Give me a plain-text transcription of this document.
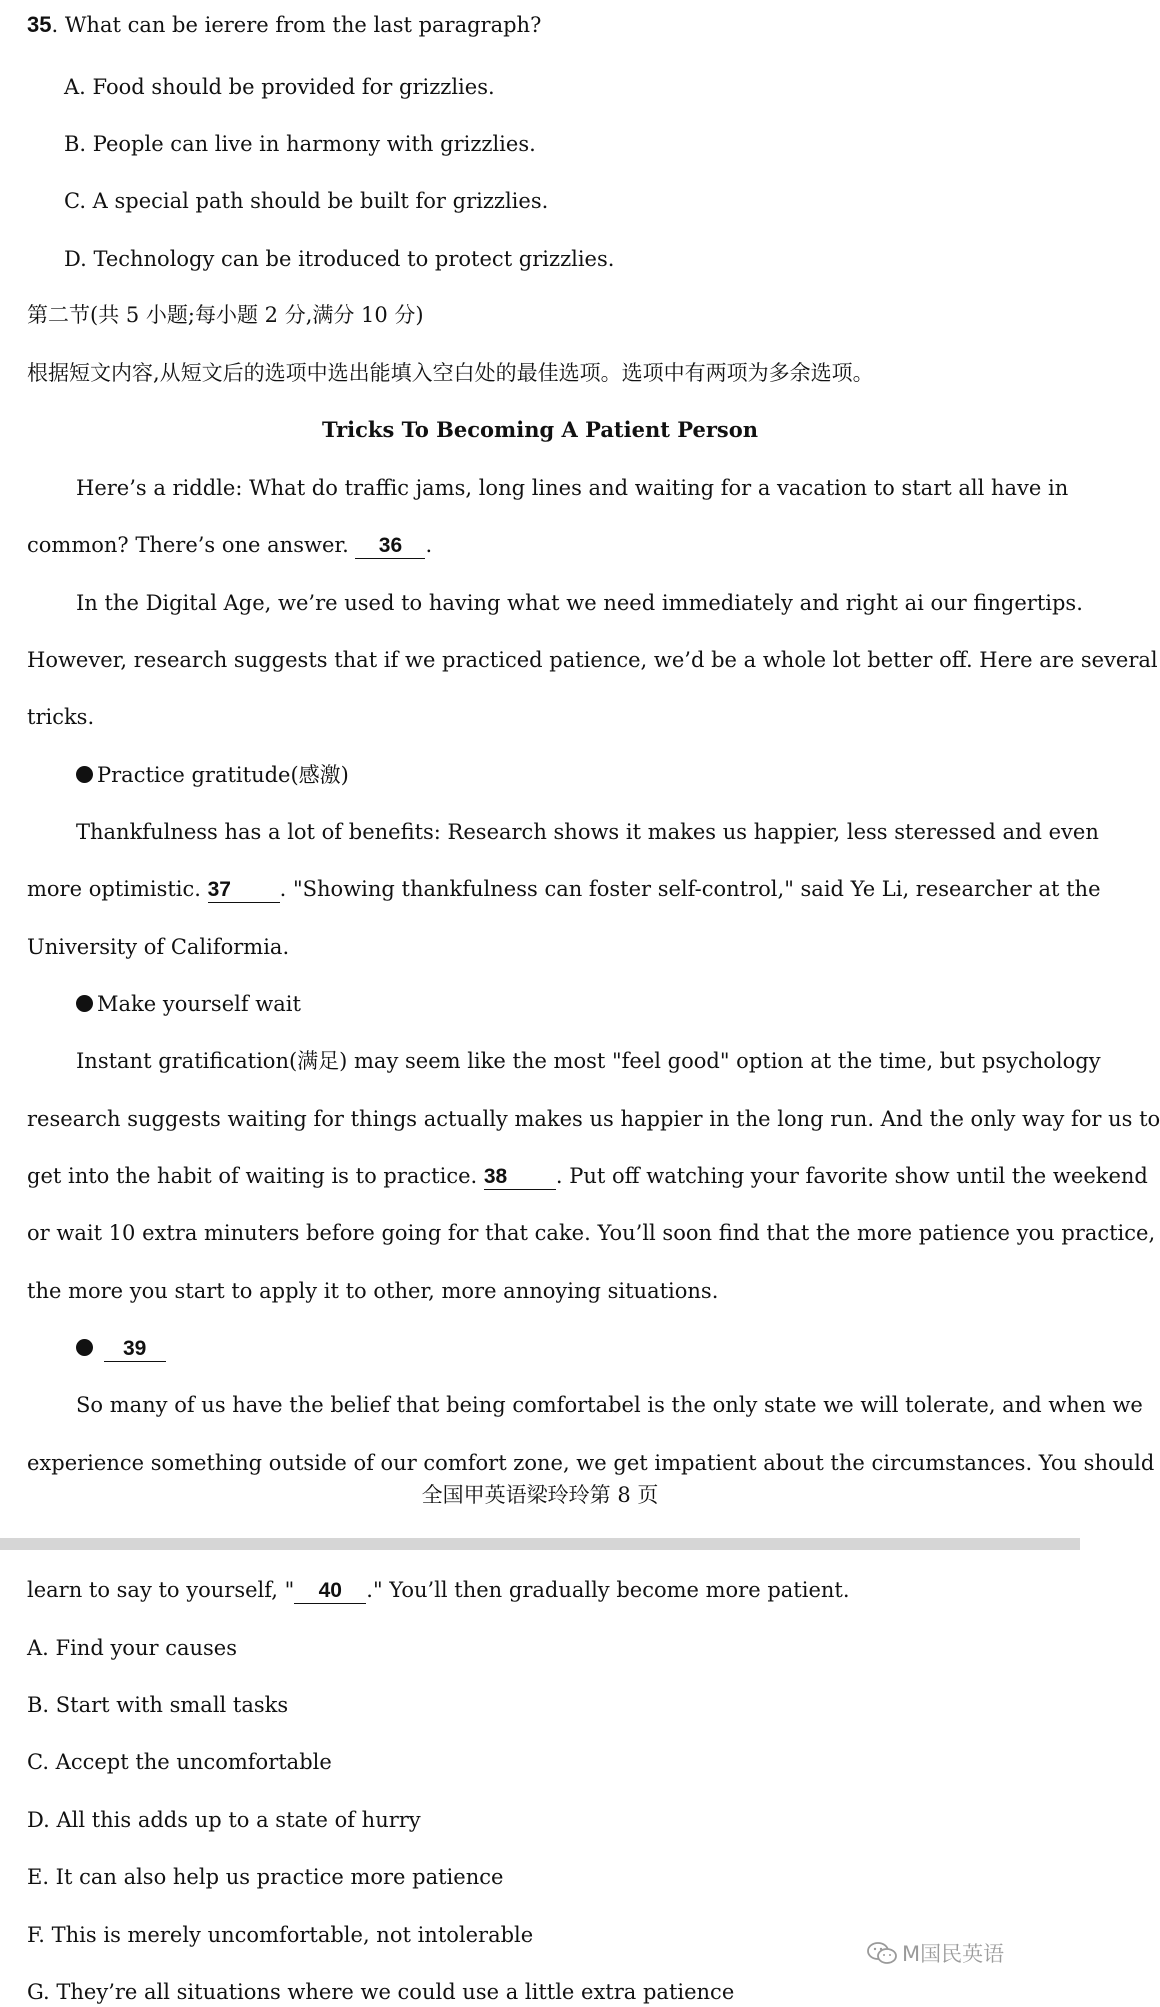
35. What can be ierere from the last paragraph?
A. Food should be provided for grizzlies.
B. People can live in harmony with grizzlies.
C. A special path should be built for grizzlies.
D. Technology can be itroduced to protect grizzlies.
第二节(共 5 小题;每小题 2 分,满分 10 分)
根据短文内容,从短文后的选项中选出能填入空白处的最佳选项。选项中有两项为多余选项。
Tricks To Becoming A Patient Person
Here’s a riddle: What do traffic jams, long lines and waiting for a vacation to start all have in
common? There’s one answer. 36 .
In the Digital Age, we’re used to having what we need immediately and right ai our fingertips.
However, research suggests that if we practiced patience, we’d be a whole lot better off. Here are several
tricks.
Practice gratitude(感激)
Thankfulness has a lot of benefits: Research shows it makes us happier, less steressed and even
more optimistic. 37 . "Showing thankfulness can foster self-control," said Ye Li, researcher at the
University of Califormia.
Make yourself wait
Instant gratification(满足) may seem like the most "feel good" option at the time, but psychology
research suggests waiting for things actually makes us happier in the long run. And the only way for us to
get into the habit of waiting is to practice. 38 . Put off watching your favorite show until the weekend
or wait 10 extra minuters before going for that cake. You’ll soon find that the more patience you practice,
the more you start to apply it to other, more annoying situations.
39
So many of us have the belief that being comfortabel is the only state we will tolerate, and when we
experience something outside of our comfort zone, we get impatient about the circumstances. You should
全国甲英语梁玲玲第 8 页
learn to say to yourself, " 40 ." You’ll then gradually become more patient.
A. Find your causes
B. Start with small tasks
C. Accept the uncomfortable
D. All this adds up to a state of hurry
E. It can also help us practice more patience
F. This is merely uncomfortable, not intolerable
G. They’re all situations where we could use a little extra patience
M国民英语
